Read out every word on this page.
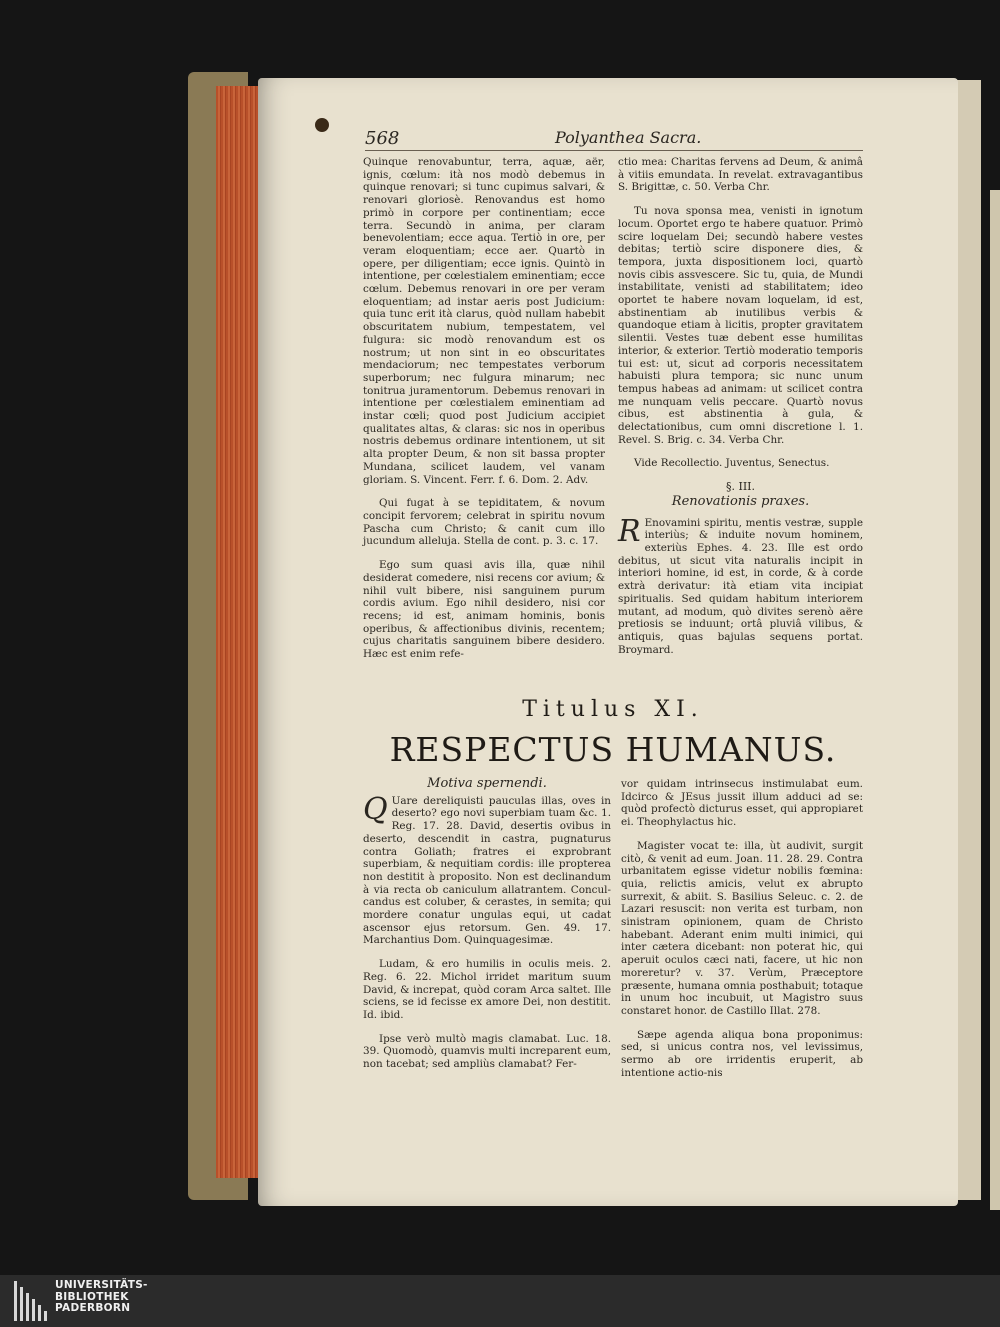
568	Polyanthea Sacra.

Quinque renovabuntur, terra, aquæ, aër, ignis, cœlum: ità nos modò debemus in quinque renovari; si tunc cupimus salvari, & renovari gloriosè. Renovandus est homo primò in corpore per continentiam; ecce terra. Secundò in anima, per claram benevolentiam; ecce aqua. Tertiò in ore, per veram eloquentiam; ecce aer. Quartò in opere, per diligentiam; ecce ignis. Quintò in intentione, per cœlestialem eminentiam; ecce cœlum. Debemus renovari in ore per veram eloquentiam; ad instar aeris post Judicium: quia tunc erit ità clarus, quòd nullam habebit obscuritatem nubium, tempestatem, vel fulgura: sic modò renovandum est os nostrum; ut non sint in eo obscuritates mendaciorum; nec tempestates verborum superborum; nec fulgura minarum; nec tonitrua juramentorum. Debemus renovari in intentione per cœlestialem eminentiam ad instar cœli; quod post Judicium accipiet qualitates altas, & claras: sic nos in operibus nostris debemus ordinare intentionem, ut sit alta propter Deum, & non sit bassa propter Mundana, scilicet laudem, vel vanam gloriam. S. Vincent. Ferr. f. 6. Dom. 2. Adv.

Qui fugat à se tepiditatem, & novum concipit fervorem; celebrat in spiritu novum Pascha cum Christo; & canit cum illo jucundum alleluja. Stella de cont. p. 3. c. 17.

Ego sum quasi avis illa, quæ nihil desiderat comedere, nisi recens cor avium; & nihil vult bibere, nisi sanguinem purum cordis avium. Ego nihil desidero, nisi cor recens; id est, animam hominis, bonis operibus, & affectionibus divinis, recentem; cujus charitatis sanguinem bibere desidero. Hæc est enim refe-

ctio mea: Charitas fervens ad Deum, & animâ à vitiis emundata. In revelat. extravagantibus S. Brigittæ, c. 50. Verba Chr.

Tu nova sponsa mea, venisti in ignotum locum. Oportet ergo te habere quatuor. Primò scire loquelam Dei; secundò habere vestes debitas; tertiò scire disponere dies, & tempora, juxta dispositionem loci, quartò novis cibis assvescere. Sic tu, quia, de Mundi instabilitate, venisti ad stabilitatem; ideo oportet te habere novam loquelam, id est, abstinentiam ab inutilibus verbis & quandoque etiam à licitis, propter gravitatem silentii. Vestes tuæ debent esse humilitas interior, & exterior. Tertiò moderatio temporis tui est: ut, sicut ad corporis necessitatem habuisti plura tempora; sic nunc unum tempus habeas ad animam: ut scilicet contra me nunquam velis peccare. Quartò novus cibus, est abstinentia à gula, & delectationibus, cum omni discretione l. 1. Revel. S. Brig. c. 34. Verba Chr.

Vide Recollectio. Juventus, Senectus.

§. III.
Renovationis praxes.

R Enovamini spiritu, mentis vestræ, supple interiùs; & induite novum hominem, exteriùs Ephes. 4. 23. Ille est ordo debitus, ut sicut vita naturalis incipit in interiori homine, id est, in corde, & à corde extrà derivatur: ità etiam vita incipiat spiritualis. Sed quidam habitum interiorem mutant, ad modum, quò divites serenò aëre pretiosis se induunt; ortâ pluviâ vilibus, & antiquis, quas bajulas sequens portat. Broymard.

Titulus XI.
RESPECTUS HUMANUS.
Motiva spernendi.

Q Uare dereliquisti pauculas illas, oves in deserto? ego novi superbiam tuam &c. 1. Reg. 17. 28. David, desertis ovibus in deserto, descendit in castra, pugnaturus contra Goliath; fratres ei exprobrant superbiam, & nequitiam cordis: ille propterea non destitit à proposito. Non est declinandum à via recta ob caniculum allatrantem. Concul-candus est coluber, & cerastes, in semita; qui mordere conatur ungulas equi, ut cadat ascensor ejus retorsum. Gen. 49. 17. Marchantius Dom. Quinquagesimæ.

Ludam, & ero humilis in oculis meis. 2. Reg. 6. 22. Michol irridet maritum suum David, & increpat, quòd coram Arca saltet. Ille sciens, se id fecisse ex amore Dei, non destitit. Id. ibid.

Ipse verò multò magis clamabat. Luc. 18. 39. Quomodò, quamvis multi increparent eum, non tacebat; sed ampliùs clamabat? Fer-

vor quidam intrinsecus instimulabat eum. Idcirco & JEsus jussit illum adduci ad se: quòd profectò dicturus esset, qui appropiaret ei. Theophylactus hic.

Magister vocat te: illa, ùt audivit, surgit citò, & venit ad eum. Joan. 11. 28. 29. Contra urbanitatem egisse videtur nobilis fœmina: quia, relictis amicis, velut ex abrupto surrexit, & abiit. S. Basilius Seleuc. c. 2. de Lazari resuscit: non verita est turbam, non sinistram opinionem, quam de Christo habebant. Aderant enim multi inimici, qui inter cætera dicebant: non poterat hic, qui aperuit oculos cæci nati, facere, ut hic non moreretur? v. 37. Verùm, Præceptore præsente, humana omnia posthabuit; totaque in unum hoc incubuit, ut Magistro suus constaret honor. de Castillo Illat. 278.

Sæpe agenda aliqua bona proponimus: sed, si unicus contra nos, vel levissimus, sermo ab ore irridentis eruperit, ab intentione actio-nis

UNIVERSITÄTS-
BIBLIOTHEK
PADERBORN
